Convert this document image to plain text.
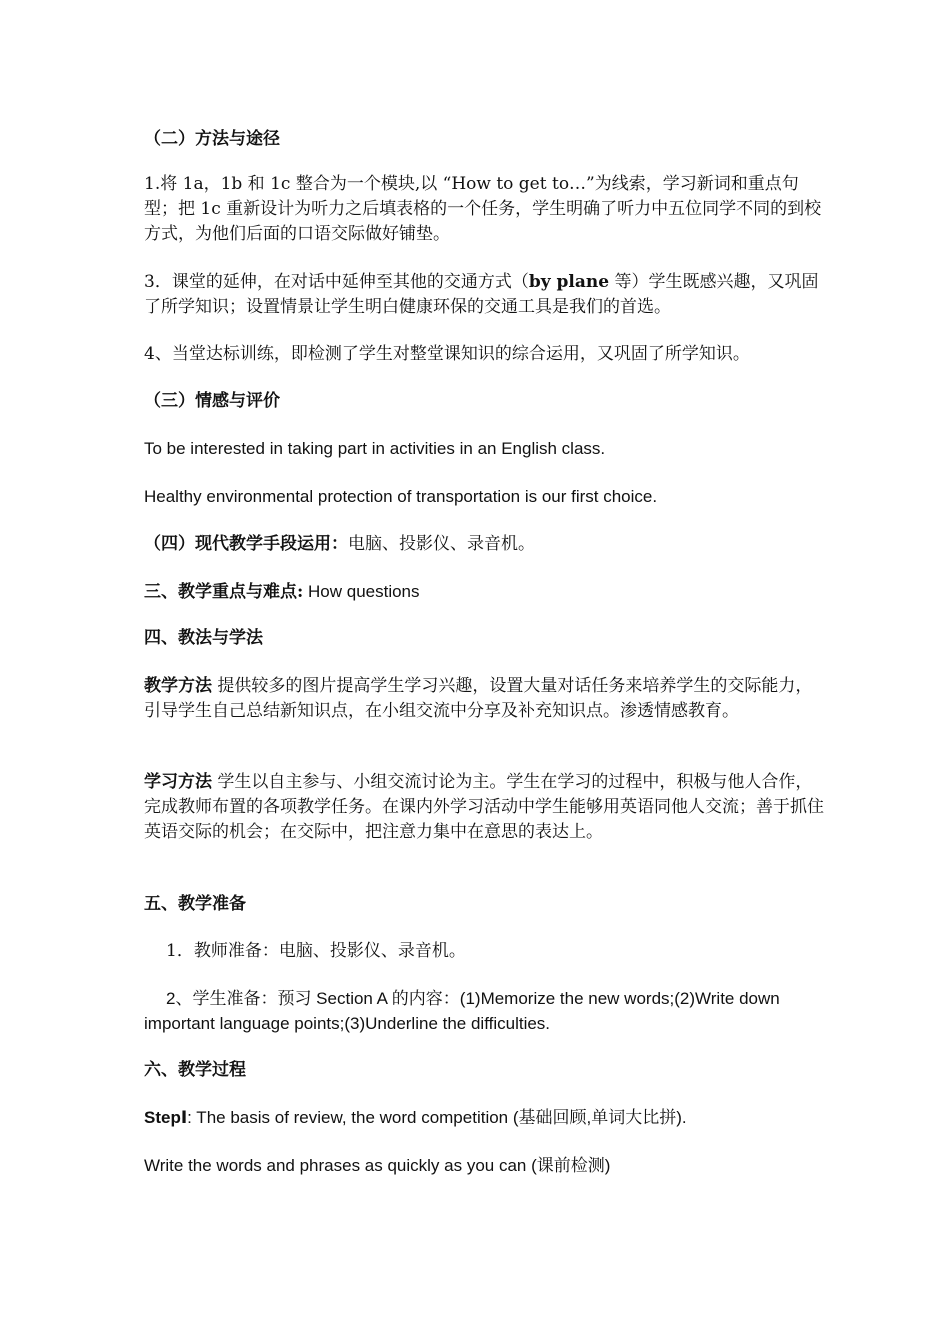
（二）方法与途径

1.将 1a，1b 和 1c 整合为一个模块,以 “How to get to…”为线索，学习新词和重点句型；把 1c 重新设计为听力之后填表格的一个任务，学生明确了听力中五位同学不同的到校方式，为他们后面的口语交际做好铺垫。

3．课堂的延伸，在对话中延伸至其他的交通方式（by plane 等）学生既感兴趣，又巩固了所学知识；设置情景让学生明白健康环保的交通工具是我们的首选。

4、当堂达标训练，即检测了学生对整堂课知识的综合运用，又巩固了所学知识。

（三）情感与评价

To be interested in taking part in activities in an English class.

Healthy environmental protection of transportation is our first choice.

（四）现代教学手段运用：电脑、投影仪、录音机。

三、教学重点与难点: How questions

四、教法与学法

教学方法 提供较多的图片提高学生学习兴趣，设置大量对话任务来培养学生的交际能力，引导学生自己总结新知识点，在小组交流中分享及补充知识点。渗透情感教育。

学习方法 学生以自主参与、小组交流讨论为主。学生在学习的过程中，积极与他人合作，完成教师布置的各项教学任务。在课内外学习活动中学生能够用英语同他人交流；善于抓住英语交际的机会；在交际中，把注意力集中在意思的表达上。

五、教学准备

1．教师准备：电脑、投影仪、录音机。

2、学生准备：预习 Section A 的内容：(1)Memorize the new words;(2)Write down important language points;(3)Underline the difficulties.

六、教学过程

StepⅠ: The basis of review, the word competition (基础回顾,单词大比拼).

Write the words and phrases as quickly as you can (课前检测)
